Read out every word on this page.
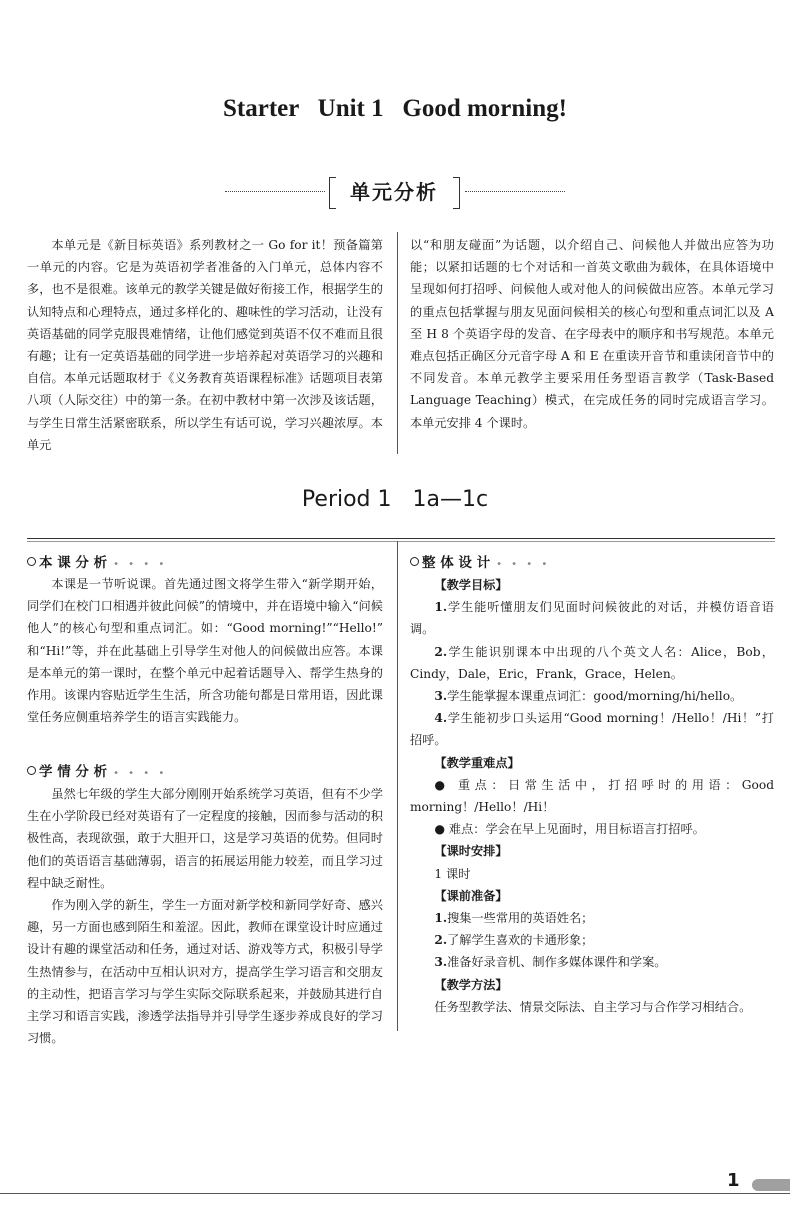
Starter   Unit 1   Good morning!
单元分析

本单元是《新目标英语》系列教材之一 Go for it！预备篇第一单元的内容。它是为英语初学者准备的入门单元，总体内容不多，也不是很难。该单元的教学关键是做好衔接工作，根据学生的认知特点和心理特点，通过多样化的、趣味性的学习活动，让没有英语基础的同学克服畏难情绪，让他们感觉到英语不仅不难而且很有趣；让有一定英语基础的同学进一步培养起对英语学习的兴趣和自信。本单元话题取材于《义务教育英语课程标准》话题项目表第八项（人际交往）中的第一条。在初中教材中第一次涉及该话题，与学生日常生活紧密联系，所以学生有话可说，学习兴趣浓厚。本单元

以“和朋友碰面”为话题，以介绍自己、问候他人并做出应答为功能；以紧扣话题的七个对话和一首英文歌曲为载体，在具体语境中呈现如何打招呼、问候他人或对他人的问候做出应答。本单元学习的重点包括掌握与朋友见面问候相关的核心句型和重点词汇以及 A 至 H 8 个英语字母的发音、在字母表中的顺序和书写规范。本单元难点包括正确区分元音字母 A 和 E 在重读开音节和重读闭音节中的不同发音。本单元教学主要采用任务型语言教学（Task-Based Language Teaching）模式，在完成任务的同时完成语言学习。本单元安排 4 个课时。

Period 1   1a—1c
本 课 分 析 • • • •

本课是一节听说课。首先通过图文将学生带入“新学期开始，同学们在校门口相遇并彼此问候”的情境中，并在语境中输入“问候他人”的核心句型和重点词汇。如：“Good morning!”“Hello!” 和“Hi!”等，并在此基础上引导学生对他人的问候做出应答。本课是本单元的第一课时，在整个单元中起着话题导入、帮学生热身的作用。该课内容贴近学生生活，所含功能句都是日常用语，因此课堂任务应侧重培养学生的语言实践能力。

学 情 分 析 • • • •

虽然七年级的学生大部分刚刚开始系统学习英语，但有不少学生在小学阶段已经对英语有了一定程度的接触，因而参与活动的积极性高，表现欲强，敢于大胆开口，这是学习英语的优势。但同时他们的英语语言基础薄弱，语言的拓展运用能力较差，而且学习过程中缺乏耐性。

作为刚入学的新生，学生一方面对新学校和新同学好奇、感兴趣，另一方面也感到陌生和羞涩。因此，教师在课堂设计时应通过设计有趣的课堂活动和任务，通过对话、游戏等方式，积极引导学生热情参与，在活动中互相认识对方，提高学生学习语言和交朋友的主动性，把语言学习与学生实际交际联系起来，并鼓励其进行自主学习和语言实践，渗透学法指导并引导学生逐步养成良好的学习习惯。

整 体 设 计 • • • •

【教学目标】

1.学生能听懂朋友们见面时问候彼此的对话，并模仿语音语调。

2.学生能识别课本中出现的八个英文人名：Alice，Bob，Cindy，Dale，Eric，Frank，Grace，Helen。

3.学生能掌握本课重点词汇：good/morning/hi/hello。

4.学生能初步口头运用“Good morning！/Hello！/Hi！”打招呼。

【教学重难点】

● 重点：日常生活中，打招呼时的用语：Good morning！/Hello！/Hi！

● 难点：学会在早上见面时，用目标语言打招呼。

【课时安排】

1 课时

【课前准备】

1.搜集一些常用的英语姓名；

2.了解学生喜欢的卡通形象；

3.准备好录音机、制作多媒体课件和学案。

【教学方法】

任务型教学法、情景交际法、自主学习与合作学习相结合。

1
